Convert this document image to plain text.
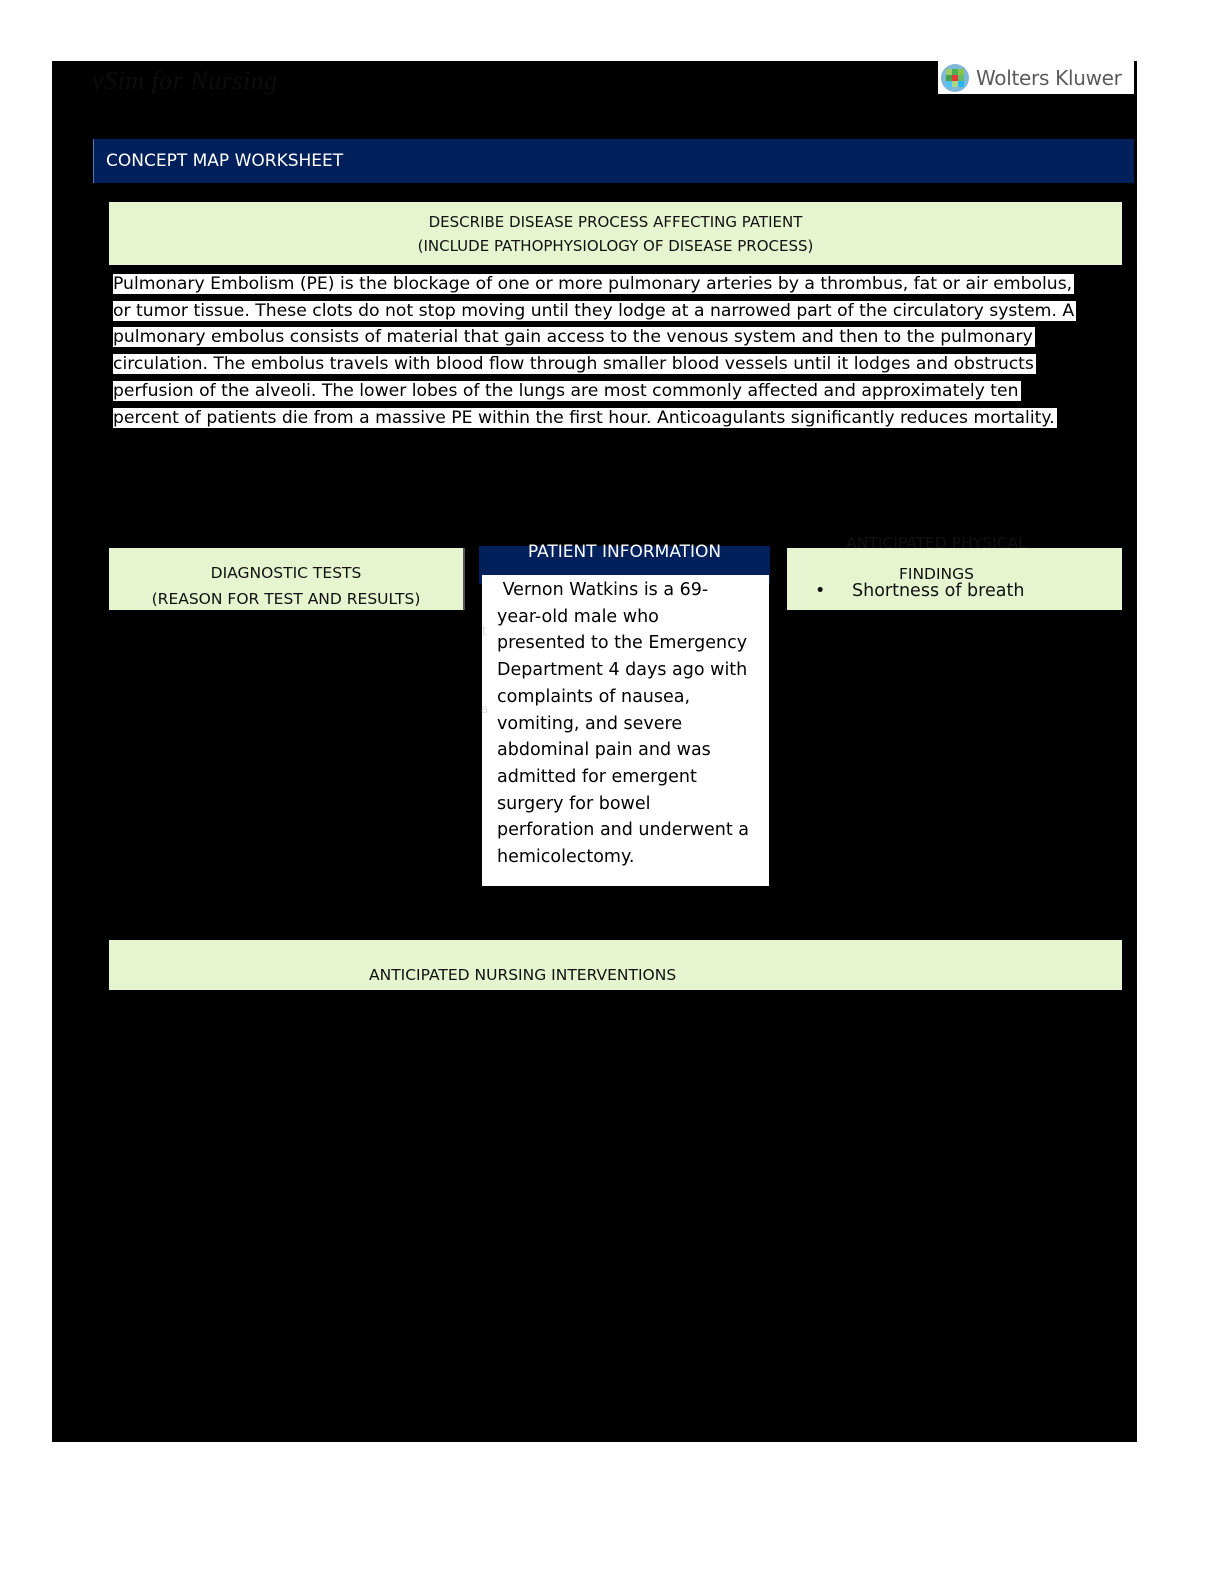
vSim for Nursing	Wolters Kluwer
CONCEPT MAP WORKSHEET
DESCRIBE DISEASE PROCESS AFFECTING PATIENT
(INCLUDE PATHOPHYSIOLOGY OF DISEASE PROCESS)
Pulmonary Embolism (PE) is the blockage of one or more pulmonary arteries by a thrombus, fat or air embolus,
or tumor tissue. These clots do not stop moving until they lodge at a narrowed part of the circulatory system. A
pulmonary embolus consists of material that gain access to the venous system and then to the pulmonary
circulation. The embolus travels with blood flow through smaller blood vessels until it lodges and obstructs
perfusion of the alveoli. The lower lobes of the lungs are most commonly affected and approximately ten
percent of patients die from a massive PE within the first hour. Anticoagulants significantly reduces mortality.
DIAGNOSTIC TESTS
(REASON FOR TEST AND RESULTS)
PATIENT INFORMATION
Vernon Watkins is a 69-
year-old male who
presented to the Emergency
Department 4 days ago with
complaints of nausea,
vomiting, and severe
abdominal pain and was
admitted for emergent
surgery for bowel
perforation and underwent a
hemicolectomy.
t
a
ANTICIPATED PHYSICAL
FINDINGS
•	Shortness of breath
ANTICIPATED NURSING INTERVENTIONS
